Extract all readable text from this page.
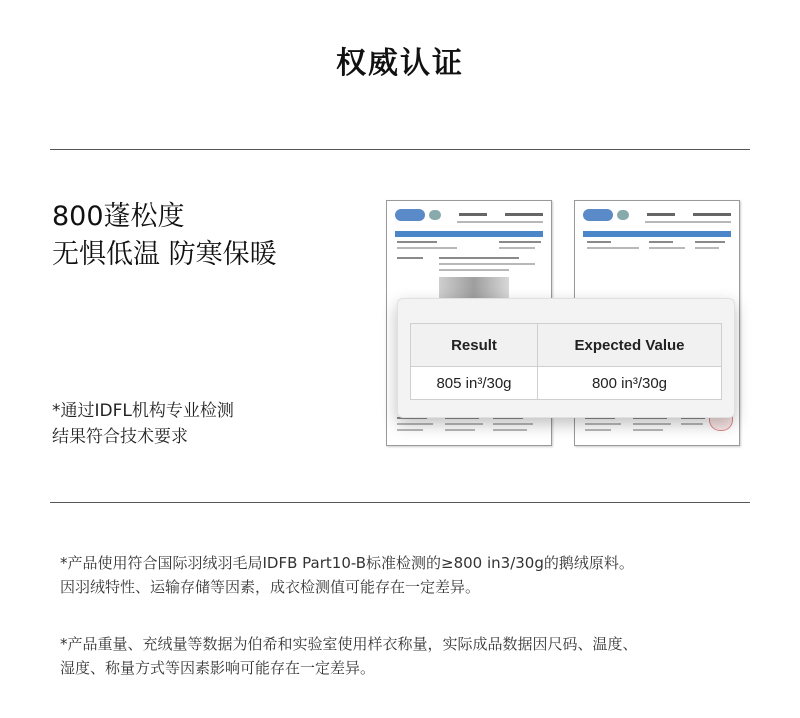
权威认证
800蓬松度
无惧低温 防寒保暖
*通过IDFL机构专业检测
结果符合技术要求
Result	Expected Value
805 in³/30g	800 in³/30g
*产品使用符合国际羽绒羽毛局IDFB Part10-B标准检测的≥800 in3/30g的鹅绒原料。
因羽绒特性、运输存储等因素，成衣检测值可能存在一定差异。
*产品重量、充绒量等数据为伯希和实验室使用样衣称量，实际成品数据因尺码、温度、
湿度、称量方式等因素影响可能存在一定差异。
